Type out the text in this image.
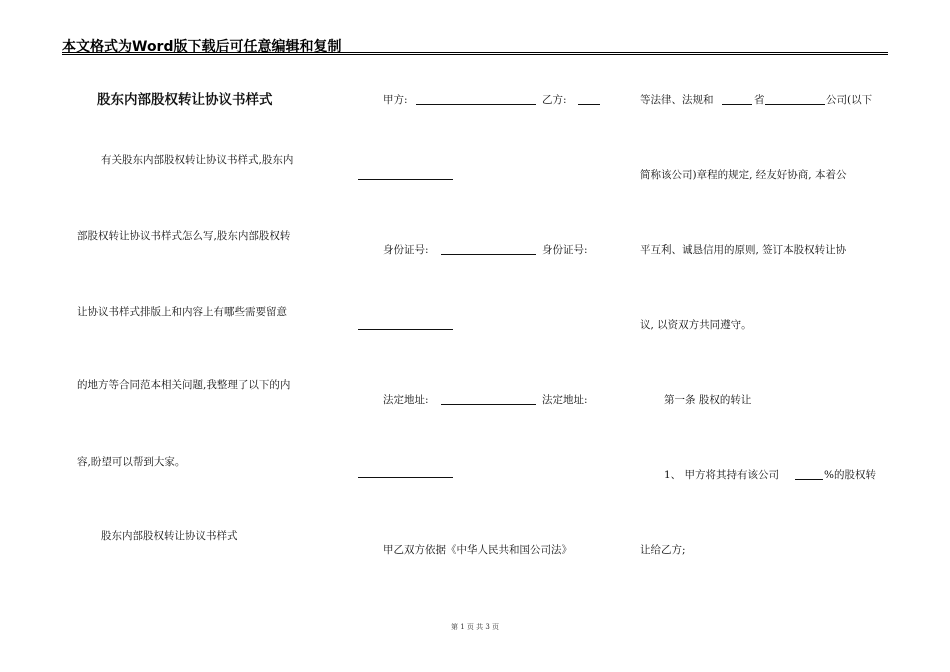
本文格式为Word版下载后可任意编辑和复制
股东内部股权转让协议书样式
有关股东内部股权转让协议书样式,股东内
部股权转让协议书样式怎么写,股东内部股权转
让协议书样式排版上和内容上有哪些需要留意
的地方等合同范本相关问题,我整理了以下的内
容,盼望可以帮到大家。
股东内部股权转让协议书样式
甲方:	乙方:
身份证号:	身份证号:
法定地址:	法定地址:
甲乙双方依据《中华人民共和国公司法》
等法律、法规和	省	公司(以下
简称该公司)章程的规定, 经友好协商, 本着公
平互利、诚恳信用的原则, 签订本股权转让协
议, 以资双方共同遵守。
第一条 股权的转让
1、 甲方将其持有该公司	%的股权转
让给乙方;
第 1 页 共 3 页
